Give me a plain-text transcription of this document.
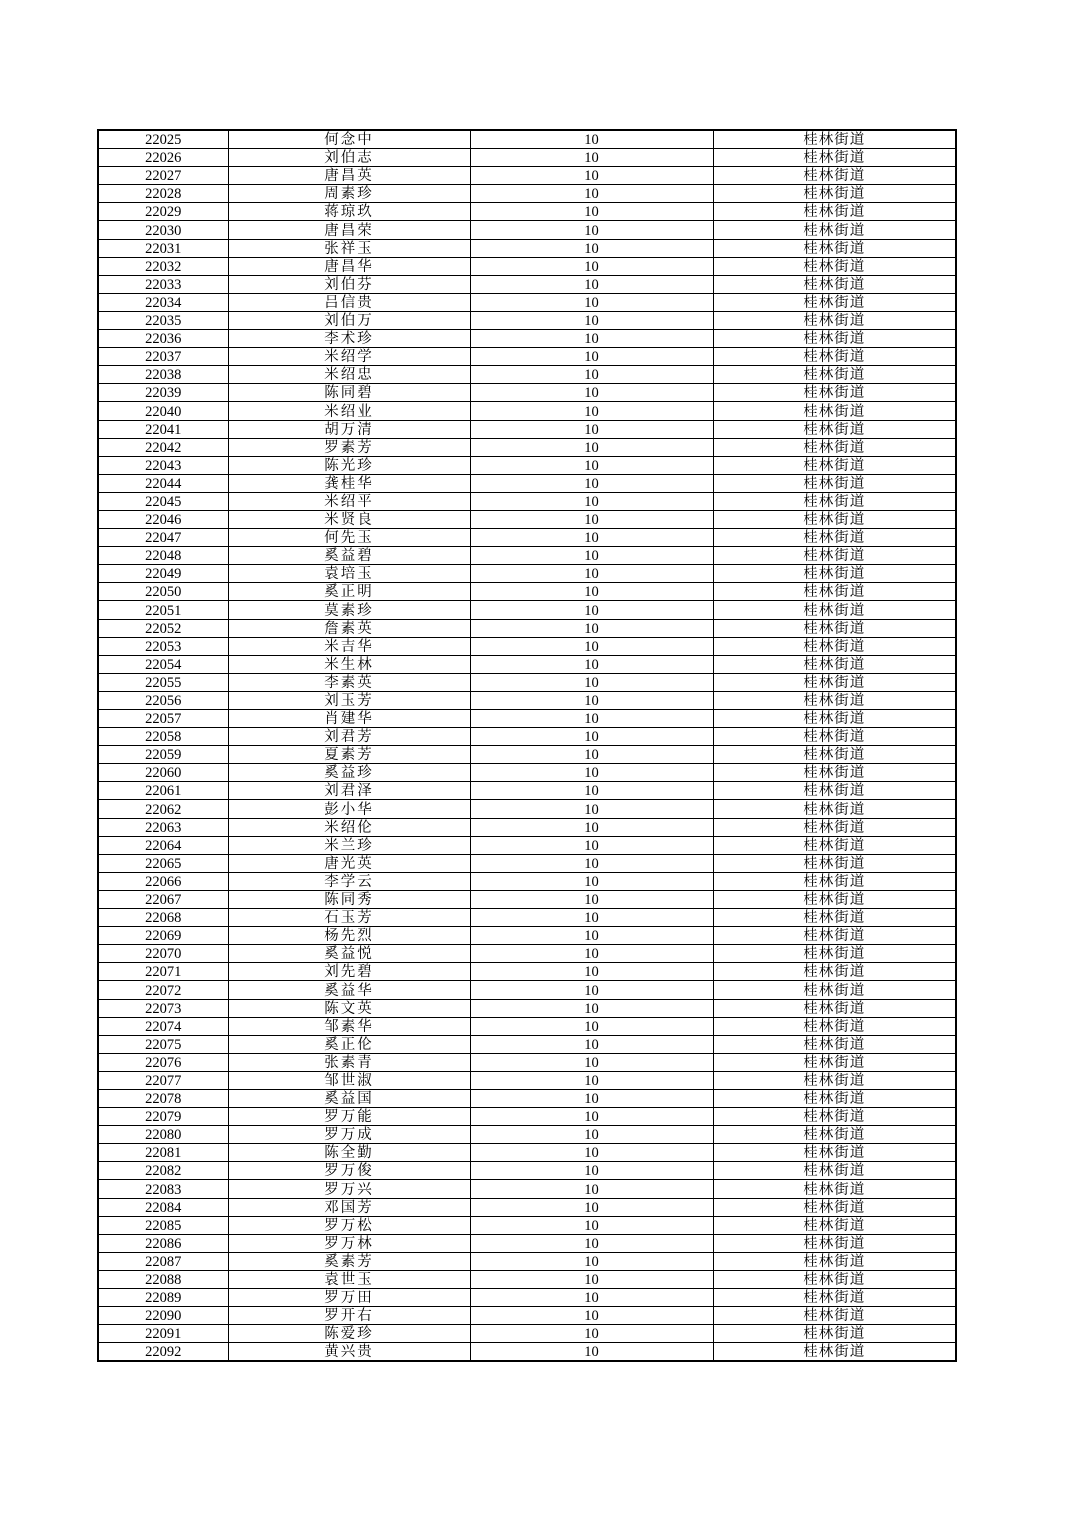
22025	何念中	10	桂林街道
22026	刘伯志	10	桂林街道
22027	唐昌英	10	桂林街道
22028	周素珍	10	桂林街道
22029	蒋琼玖	10	桂林街道
22030	唐昌荣	10	桂林街道
22031	张祥玉	10	桂林街道
22032	唐昌华	10	桂林街道
22033	刘伯芬	10	桂林街道
22034	吕信贵	10	桂林街道
22035	刘伯万	10	桂林街道
22036	李术珍	10	桂林街道
22037	米绍学	10	桂林街道
22038	米绍忠	10	桂林街道
22039	陈同碧	10	桂林街道
22040	米绍业	10	桂林街道
22041	胡万清	10	桂林街道
22042	罗素芳	10	桂林街道
22043	陈光珍	10	桂林街道
22044	龚桂华	10	桂林街道
22045	米绍平	10	桂林街道
22046	米贤良	10	桂林街道
22047	何先玉	10	桂林街道
22048	奚益碧	10	桂林街道
22049	袁培玉	10	桂林街道
22050	奚正明	10	桂林街道
22051	莫素珍	10	桂林街道
22052	詹素英	10	桂林街道
22053	米吉华	10	桂林街道
22054	米生林	10	桂林街道
22055	李素英	10	桂林街道
22056	刘玉芳	10	桂林街道
22057	肖建华	10	桂林街道
22058	刘君芳	10	桂林街道
22059	夏素芳	10	桂林街道
22060	奚益珍	10	桂林街道
22061	刘君泽	10	桂林街道
22062	彭小华	10	桂林街道
22063	米绍伦	10	桂林街道
22064	米兰珍	10	桂林街道
22065	唐光英	10	桂林街道
22066	李学云	10	桂林街道
22067	陈同秀	10	桂林街道
22068	石玉芳	10	桂林街道
22069	杨先烈	10	桂林街道
22070	奚益悦	10	桂林街道
22071	刘先碧	10	桂林街道
22072	奚益华	10	桂林街道
22073	陈文英	10	桂林街道
22074	邹素华	10	桂林街道
22075	奚正伦	10	桂林街道
22076	张素青	10	桂林街道
22077	邹世淑	10	桂林街道
22078	奚益国	10	桂林街道
22079	罗万能	10	桂林街道
22080	罗万成	10	桂林街道
22081	陈全勤	10	桂林街道
22082	罗万俊	10	桂林街道
22083	罗万兴	10	桂林街道
22084	邓国芳	10	桂林街道
22085	罗万松	10	桂林街道
22086	罗万林	10	桂林街道
22087	奚素芳	10	桂林街道
22088	袁世玉	10	桂林街道
22089	罗万田	10	桂林街道
22090	罗开右	10	桂林街道
22091	陈爱珍	10	桂林街道
22092	黄兴贵	10	桂林街道
